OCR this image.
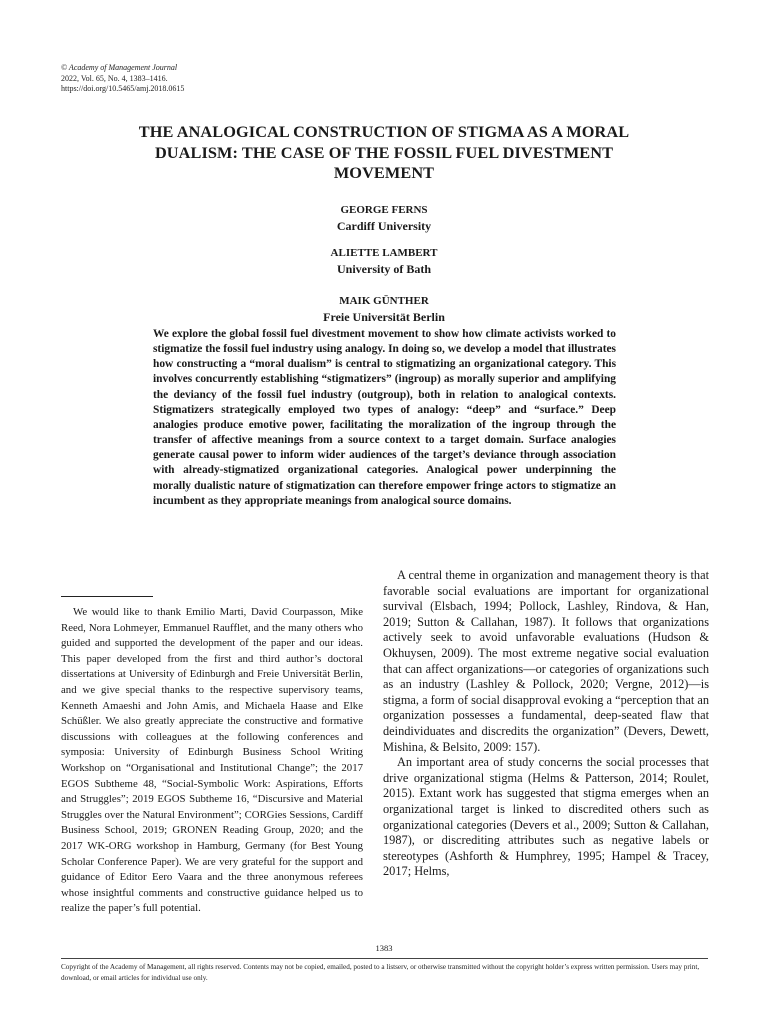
© Academy of Management Journal
2022, Vol. 65, No. 4, 1383–1416.
https://doi.org/10.5465/amj.2018.0615
THE ANALOGICAL CONSTRUCTION OF STIGMA AS A MORAL DUALISM: THE CASE OF THE FOSSIL FUEL DIVESTMENT MOVEMENT
GEORGE FERNS
Cardiff University
ALIETTE LAMBERT
University of Bath
MAIK GÜNTHER
Freie Universität Berlin

We explore the global fossil fuel divestment movement to show how climate activists worked to stigmatize the fossil fuel industry using analogy. In doing so, we develop a model that illustrates how constructing a “moral dualism” is central to stigmatizing an organizational category. This involves concurrently establishing “stigmatizers” (ingroup) as morally superior and amplifying the deviancy of the fossil fuel industry (outgroup), both in relation to analogical contexts. Stigmatizers strategically employed two types of analogy: “deep” and “surface.” Deep analogies produce emotive power, facilitating the moralization of the ingroup through the transfer of affective meanings from a source context to a target domain. Surface analogies generate causal power to inform wider audiences of the target’s deviance through association with already-stigmatized organizational categories. Analogical power underpinning the morally dualistic nature of stigmatization can therefore empower fringe actors to stigmatize an incumbent as they appropriate meanings from analogical source domains.

We would like to thank Emilio Marti, David Courpasson, Mike Reed, Nora Lohmeyer, Emmanuel Raufflet, and the many others who guided and supported the development of the paper and our ideas. This paper developed from the first and third author’s doctoral dissertations at University of Edinburgh and Freie Universität Berlin, and we give special thanks to the respective supervisory teams, Kenneth Amaeshi and John Amis, and Michaela Haase and Elke Schüßler. We also greatly appreciate the constructive and formative discussions with colleagues at the following conferences and symposia: University of Edinburgh Business School Writing Workshop on “Organisational and Institutional Change”; the 2017 EGOS Subtheme 48, “Social-Symbolic Work: Aspirations, Efforts and Struggles”; 2019 EGOS Subtheme 16, “Discursive and Material Struggles over the Natural Environment”; CORGies Sessions, Cardiff Business School, 2019; GRONEN Reading Group, 2020; and the 2017 WK-ORG workshop in Hamburg, Germany (for Best Young Scholar Conference Paper). We are very grateful for the support and guidance of Editor Eero Vaara and the three anonymous referees whose insightful comments and constructive guidance helped us to realize the paper’s full potential.

A central theme in organization and management theory is that favorable social evaluations are important for organizational survival (Elsbach, 1994; Pollock, Lashley, Rindova, & Han, 2019; Sutton & Callahan, 1987). It follows that organizations actively seek to avoid unfavorable evaluations (Hudson & Okhuysen, 2009). The most extreme negative social evaluation that can affect organizations—or categories of organizations such as an industry (Lashley & Pollock, 2020; Vergne, 2012)—is stigma, a form of social disapproval evoking a “perception that an organization possesses a fundamental, deep-seated flaw that deindividuates and discredits the organization” (Devers, Dewett, Mishina, & Belsito, 2009: 157).

An important area of study concerns the social processes that drive organizational stigma (Helms & Patterson, 2014; Roulet, 2015). Extant work has suggested that stigma emerges when an organizational target is linked to discredited others such as organizational categories (Devers et al., 2009; Sutton & Callahan, 1987), or discrediting attributes such as negative labels or stereotypes (Ashforth & Humphrey, 1995; Hampel & Tracey, 2017; Helms,

1383

Copyright of the Academy of Management, all rights reserved. Contents may not be copied, emailed, posted to a listserv, or otherwise transmitted without the copyright holder’s express written permission. Users may print, download, or email articles for individual use only.
